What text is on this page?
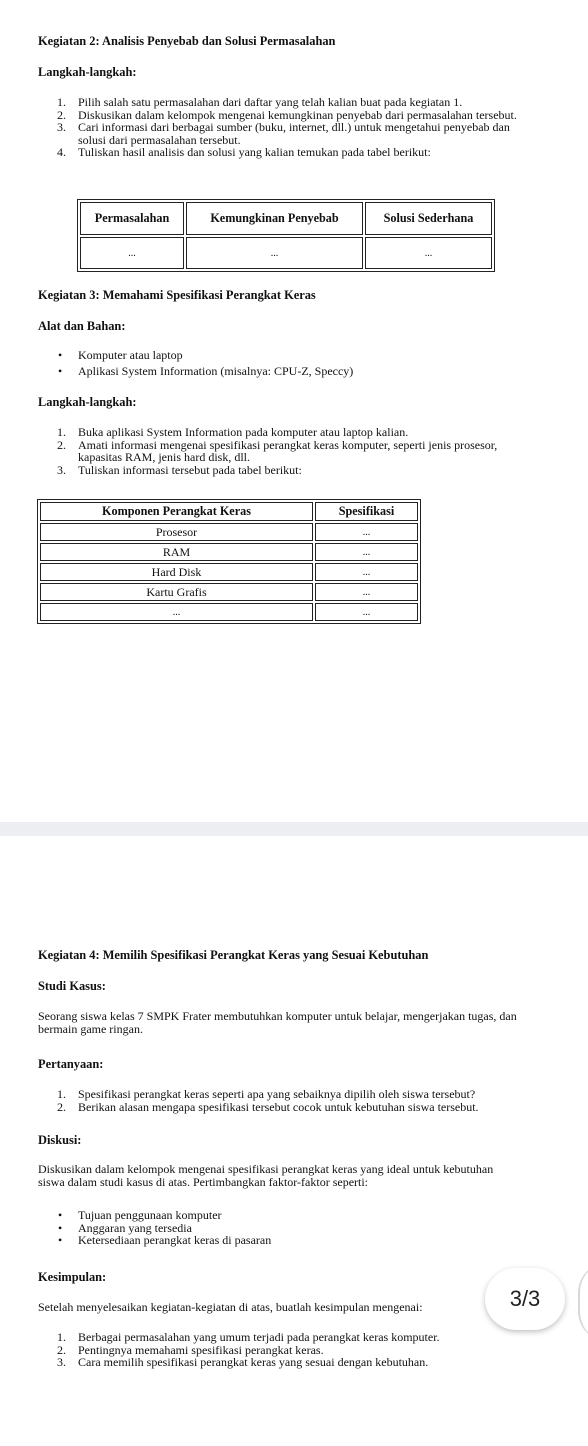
Kegiatan 2: Analisis Penyebab dan Solusi Permasalahan
Langkah-langkah:
1. Pilih salah satu permasalahan dari daftar yang telah kalian buat pada kegiatan 1.
2. Diskusikan dalam kelompok mengenai kemungkinan penyebab dari permasalahan tersebut.
3. Cari informasi dari berbagai sumber (buku, internet, dll.) untuk mengetahui penyebab dan solusi dari permasalahan tersebut.
4. Tuliskan hasil analisis dan solusi yang kalian temukan pada tabel berikut:
Permasalahan	Kemungkinan Penyebab	Solusi Sederhana
...	...	...
Kegiatan 3: Memahami Spesifikasi Perangkat Keras
Alat dan Bahan:
• Komputer atau laptop
• Aplikasi System Information (misalnya: CPU-Z, Speccy)
Langkah-langkah:
1. Buka aplikasi System Information pada komputer atau laptop kalian.
2. Amati informasi mengenai spesifikasi perangkat keras komputer, seperti jenis prosesor, kapasitas RAM, jenis hard disk, dll.
3. Tuliskan informasi tersebut pada tabel berikut:
Komponen Perangkat Keras	Spesifikasi
Prosesor	...
RAM	...
Hard Disk	...
Kartu Grafis	...
...	...
Kegiatan 4: Memilih Spesifikasi Perangkat Keras yang Sesuai Kebutuhan
Studi Kasus:
Seorang siswa kelas 7 SMPK Frater membutuhkan komputer untuk belajar, mengerjakan tugas, dan bermain game ringan.
Pertanyaan:
1. Spesifikasi perangkat keras seperti apa yang sebaiknya dipilih oleh siswa tersebut?
2. Berikan alasan mengapa spesifikasi tersebut cocok untuk kebutuhan siswa tersebut.
Diskusi:
Diskusikan dalam kelompok mengenai spesifikasi perangkat keras yang ideal untuk kebutuhan siswa dalam studi kasus di atas. Pertimbangkan faktor-faktor seperti:
• Tujuan penggunaan komputer
• Anggaran yang tersedia
• Ketersediaan perangkat keras di pasaran
Kesimpulan:
Setelah menyelesaikan kegiatan-kegiatan di atas, buatlah kesimpulan mengenai:
1. Berbagai permasalahan yang umum terjadi pada perangkat keras komputer.
2. Pentingnya memahami spesifikasi perangkat keras.
3. Cara memilih spesifikasi perangkat keras yang sesuai dengan kebutuhan.
3/3
